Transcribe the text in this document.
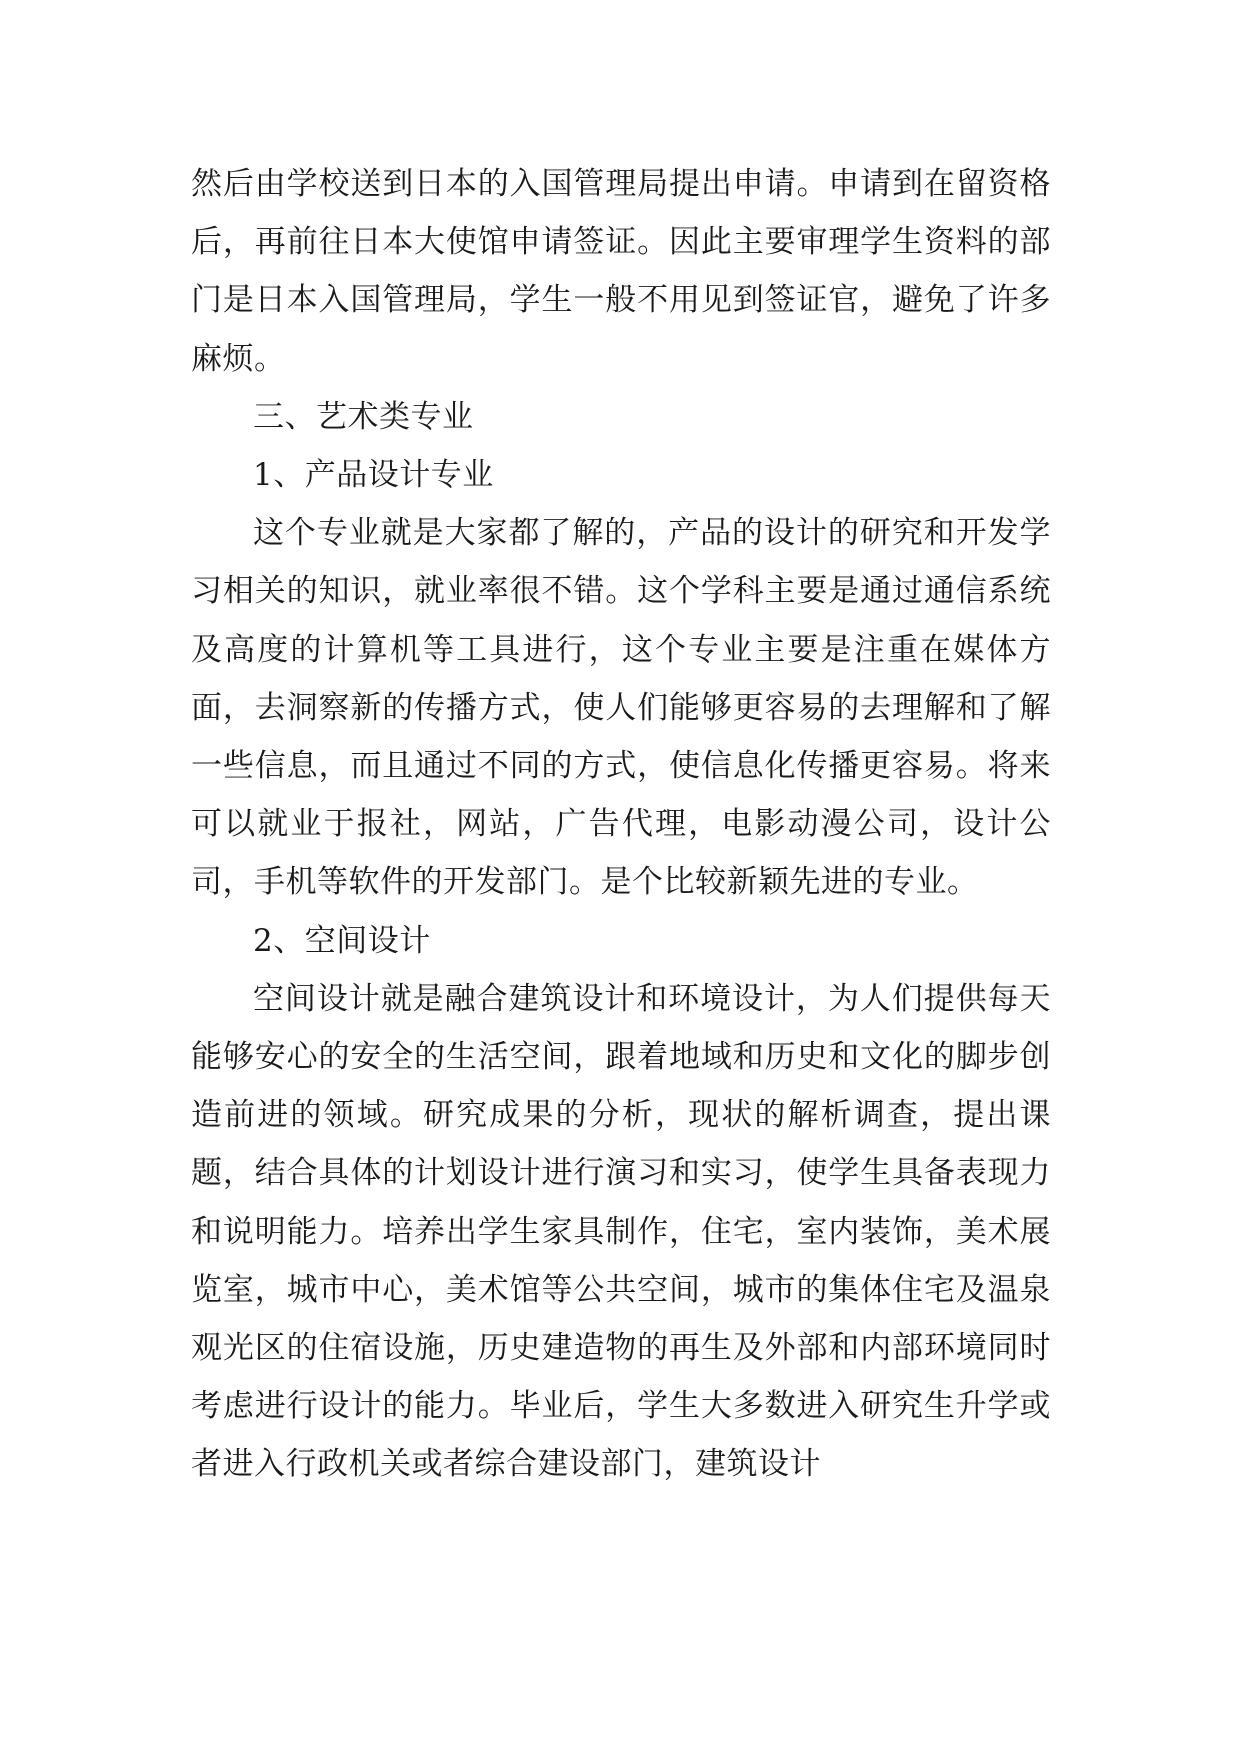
然后由学校送到日本的入国管理局提出申请。申请到在留资格后，再前往日本大使馆申请签证。因此主要审理学生资料的部门是日本入国管理局，学生一般不用见到签证官，避免了许多麻烦。

三、艺术类专业

1、产品设计专业

这个专业就是大家都了解的，产品的设计的研究和开发学习相关的知识，就业率很不错。这个学科主要是通过通信系统及高度的计算机等工具进行，这个专业主要是注重在媒体方面，去洞察新的传播方式，使人们能够更容易的去理解和了解一些信息，而且通过不同的方式，使信息化传播更容易。将来可以就业于报社，网站，广告代理，电影动漫公司，设计公司，手机等软件的开发部门。是个比较新颖先进的专业。

2、空间设计

空间设计就是融合建筑设计和环境设计，为人们提供每天能够安心的安全的生活空间，跟着地域和历史和文化的脚步创造前进的领域。研究成果的分析，现状的解析调查，提出课题，结合具体的计划设计进行演习和实习，使学生具备表现力和说明能力。培养出学生家具制作，住宅，室内装饰，美术展览室，城市中心，美术馆等公共空间，城市的集体住宅及温泉观光区的住宿设施，历史建造物的再生及外部和内部环境同时考虑进行设计的能力。毕业后，学生大多数进入研究生升学或者进入行政机关或者综合建设部门，建筑设计
